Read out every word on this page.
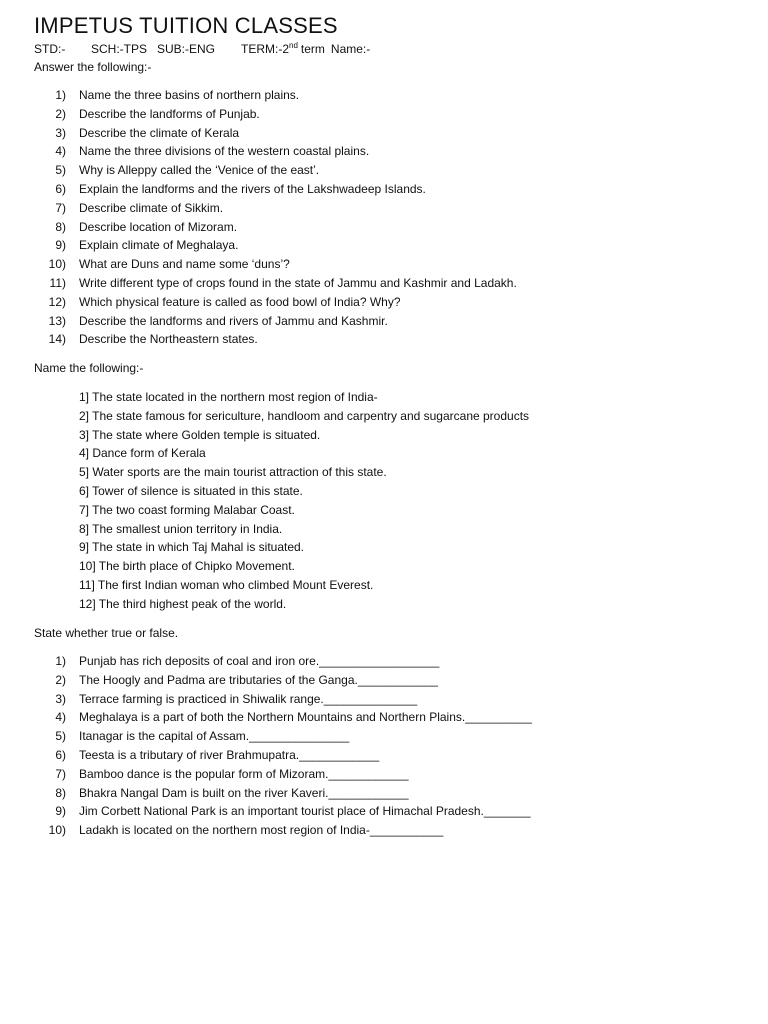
IMPETUS TUITION CLASSES
STD:- SCH:-TPS SUB:-ENG TERM:-2nd term Name:-
Answer the following:-
1) Name the three basins of northern plains.
2) Describe the landforms of Punjab.
3) Describe the climate of Kerala
4) Name the three divisions of the western coastal plains.
5) Why is Alleppy called the ‘Venice of the east’.
6) Explain the landforms and the rivers of the Lakshwadeep Islands.
7) Describe climate of Sikkim.
8) Describe location of Mizoram.
9) Explain climate of Meghalaya.
10) What are Duns and name some ‘duns’?
11) Write different type of crops found in the state of Jammu and Kashmir and Ladakh.
12) Which physical feature is called as food bowl of India? Why?
13) Describe the landforms and rivers of Jammu and Kashmir.
14) Describe the Northeastern states.
Name the following:-
1] The state located in the northern most region of India-
2] The state famous for sericulture, handloom and carpentry and sugarcane products
3] The state where Golden temple is situated.
4] Dance form of Kerala
5] Water sports are the main tourist attraction of this state.
6] Tower of silence is situated in this state.
7] The two coast forming Malabar Coast.
8] The smallest union territory in India.
9] The state in which Taj Mahal is situated.
10] The birth place of Chipko Movement.
11] The first Indian woman who climbed Mount Everest.
12] The third highest peak of the world.
State whether true or false.
1) Punjab has rich deposits of coal and iron ore.__________________
2) The Hoogly and Padma are tributaries of the Ganga.____________
3) Terrace farming is practiced in Shiwalik range.______________
4) Meghalaya is a part of both the Northern Mountains and Northern Plains.__________
5) Itanagar is the capital of Assam._______________
6) Teesta is a tributary of river Brahmupatra.____________
7) Bamboo dance is the popular form of Mizoram.____________
8) Bhakra Nangal Dam is built on the river Kaveri.____________
9) Jim Corbett National Park is an important tourist place of Himachal Pradesh._______
10) Ladakh is located on the northern most region of India-___________
